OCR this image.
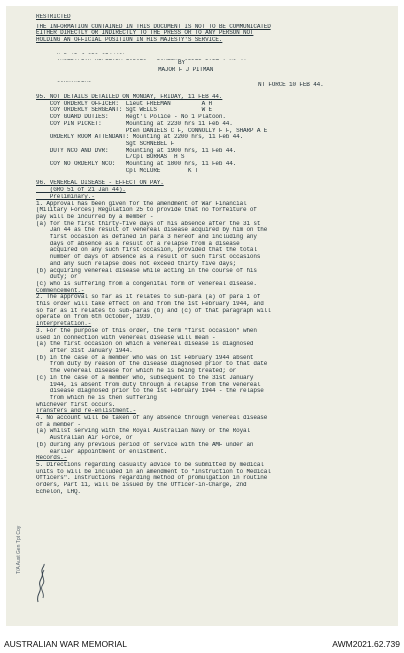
RESTRICTED
THE INFORMATION CONTAINED IN THIS DOCUMENT IS NOT TO BE COMMUNICATED
EITHER DIRECTLY OR INDIRECTLY TO THE PRESS OR TO ANY PERSON NOT
HOLDING AN OFFICIAL POSITION IN HIS MAJESTY'S SERVICE.

BY
MAJOR F J PITMAN

NT FORCE 10 FEB 44.
95. NOT DETAILS DETAILED ON MONDAY, FRIDAY, 11 FEB 44.
COY ORDERLY OFFICER:  Lieut FREEMAN         A H
COY ORDERLY SERGEANT: Sgt WELLS             W E
COY GUARD DUTIES:     Regt'l Police - No 1 Platoon.
COY PIN PICKET:       Mounting at 2230 hrs 11 Feb 44.
Pten DANIELS C F, CONNOLLY F F, SHARP A E
ORDERLY ROOM ATTENDANT: Mounting at 2200 hrs, 11 Feb 44.
Sgt SCHNEBEL F
DUTY NCO AND DVR:     Mounting at 1900 hrs, 11 Feb 44.
L/Cpl BURRAS  H S
COY NO ORDERLY NCO:   Mounting at 1800 hrs, 11 Feb 44.
Cpl McLURE        K T
96. VENEREAL DISEASE - EFFECT ON PAY.
(GRO 51 of 21 Jan 44).
Preliminary.-
1. Approval has been given for the amendment of War Financial
(Military Forces) Regulation 25 to provide that no forfeiture of
pay will be incurred by a member -
(a) for the first thirty-five days of his absence after the 31 st
Jan 44 as the result of venereal disease acquired by him on the
first occasion as defined in para 3 hereof and including any
days of absence as a result of a relapse from a disease
acquired on any such first occasion, provided that the total
number of days of absence as a result of such first occasions
and any such relapse does not exceed thirty five days;
(b) acquiring venereal disease while acting in the course of his
duty; or
(c) who is suffering from a congenital form of venereal disease.
Commencement.-
2. The approval so far as it relates to sub-para (a) of para 1 of
this order will take effect on and from the 1st February 1944, and
so far as it relates to sub-paras (b) and (c) of that paragraph will
operate on from 6th October, 1939.
Interpretation.-
3. For the purpose of this order, the term "first occasion" when
used in connection with venereal disease will mean -
(a) the first occasion on which a venereal disease is diagnosed
after 31st January 1944.
(b) in the case of a member who was on 1st February 1944 absent
from duty by reason of the disease diagnosed prior to that date
the venereal disease for which he is being treated; or
(c) in the case of a member who, subsequent to the 31st January
1944, is absent from duty through a relapse from the venereal
disease diagnosed prior to the 1st February 1944 - the relapse
from which he is then suffering
whichever first occurs.
Transfers and re-enlistment.-
4. No account will be taken of any absence through venereal disease
of a member -
(a) whilst serving with the Royal Australian Navy or the Royal
Australian Air Force, or
(b) during any previous period of service with the AMF under an
earlier appointment or enlistment.
Records.-
5. Directions regarding casualty advice to be submitted by medical
units to will be included in an amendment to "Instruction to Medical
Officers". Instructions regarding method of promulgation in routine
orders, Part 11, will be issued by the Officer-in-Charge, 2nd
Echelon, LHQ.
T/A Aust Gen Tpt Coy
AUSTRALIAN WAR MEMORIAL	AWM2021.62.739
